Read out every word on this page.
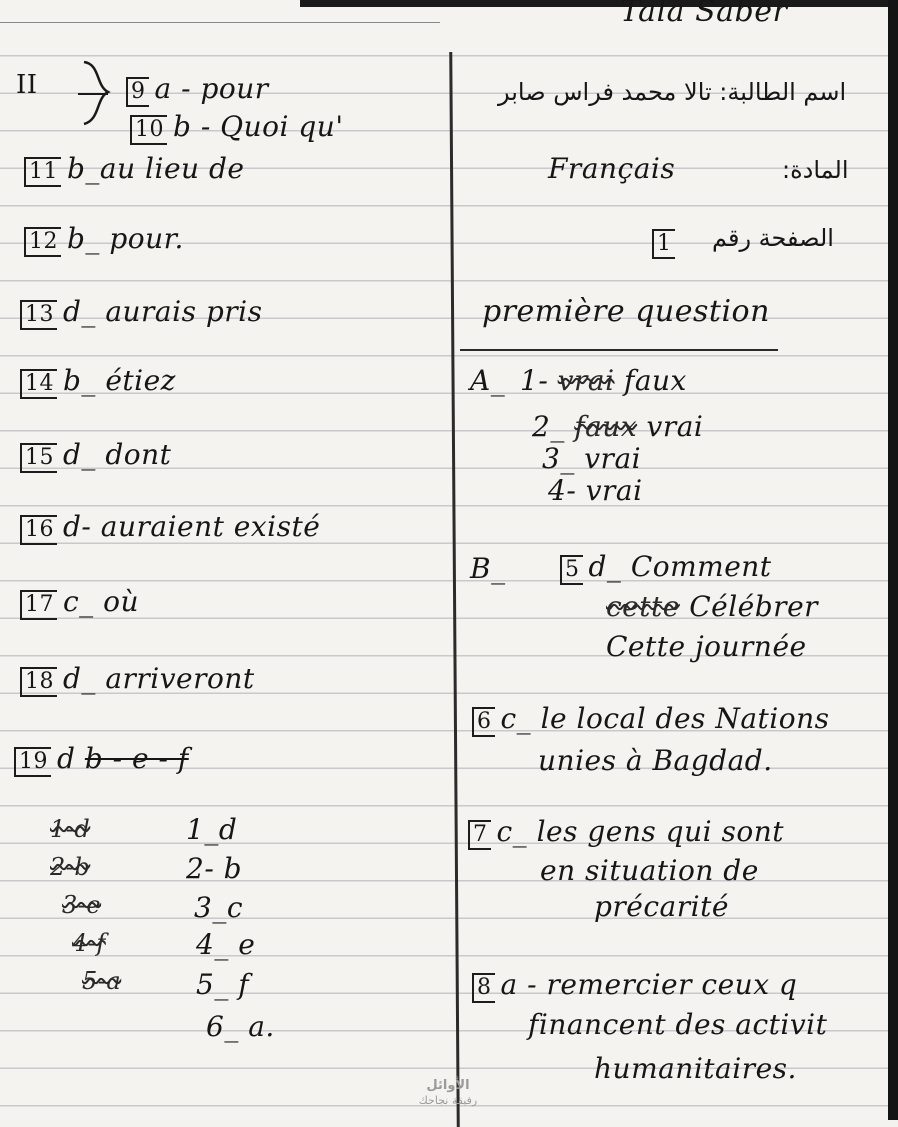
Tala Saber
II	9 a - pour
10 b - Quoi qu'
11 b_au lieu de
12 b_ pour.
13 d_ aurais pris
14 b_ étiez
15 d_ dont
16 d- auraient existé
17 c_ où
18 d_ arriveront
19 d b - e - f
1-d
2-b
3-e
4-f
5-a
1_d
2- b
3_c
4_ e
5_ f
6_ a.
اسم الطالبة: تالا محمد فراس صابر
Français	المادة:
1	الصفحة رقم
première question
A_ 1- vrai faux
2_ faux vrai
3_ vrai
4- vrai
B_	5 d_ Comment
cette Célébrer
Cette journée
6 c_ le local des Nations
unies à Bagdad.
7 c_ les gens qui sont
en situation de
précarité
8 a - remercier ceux q
financent des activit
humanitaires.
الأوائل
رفيقة نجاحك
